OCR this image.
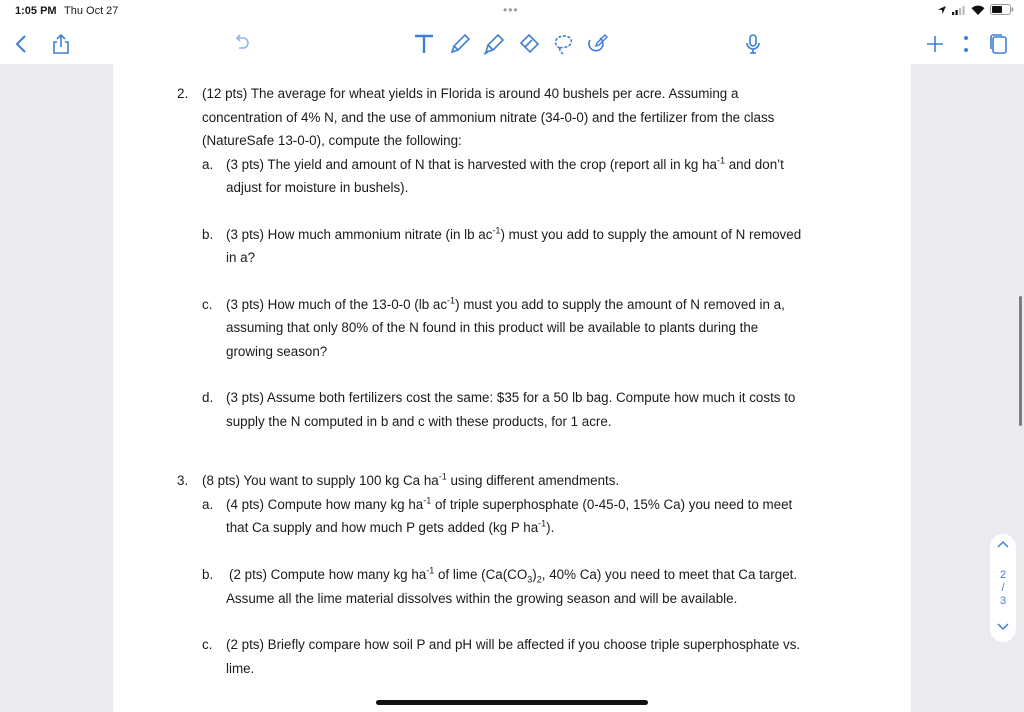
1:05 PM Thu Oct 27	•••
2. (12 pts) The average for wheat yields in Florida is around 40 bushels per acre. Assuming a
concentration of 4% N, and the use of ammonium nitrate (34-0-0) and the fertilizer from the class
(NatureSafe 13-0-0), compute the following:
a. (3 pts) The yield and amount of N that is harvested with the crop (report all in kg $ha^{-1}$ and don’t
adjust for moisture in bushels).
b. (3 pts) How much ammonium nitrate (in lb $ac^{-1}$) must you add to supply the amount of N removed
in a?
c. (3 pts) How much of the 13-0-0 (lb $ac^{-1}$) must you add to supply the amount of N removed in a,
assuming that only 80% of the N found in this product will be available to plants during the
growing season?
d. (3 pts) Assume both fertilizers cost the same: $35 for a 50 lb bag. Compute how much it costs to
supply the N computed in b and c with these products, for 1 acre.
3. (8 pts) You want to supply 100 kg Ca $ha^{-1}$ using different amendments.
a. (4 pts) Compute how many kg $ha^{-1}$ of triple superphosphate (0-45-0, 15% Ca) you need to meet
that Ca supply and how much P gets added (kg P $ha^{-1}$).
b. (2 pts) Compute how many kg $ha^{-1}$ of lime ($Ca(CO_3)_2$, 40% Ca) you need to meet that Ca target.
Assume all the lime material dissolves within the growing season and will be available.
c. (2 pts) Briefly compare how soil P and pH will be affected if you choose triple superphosphate vs.
lime.
2
/
3
